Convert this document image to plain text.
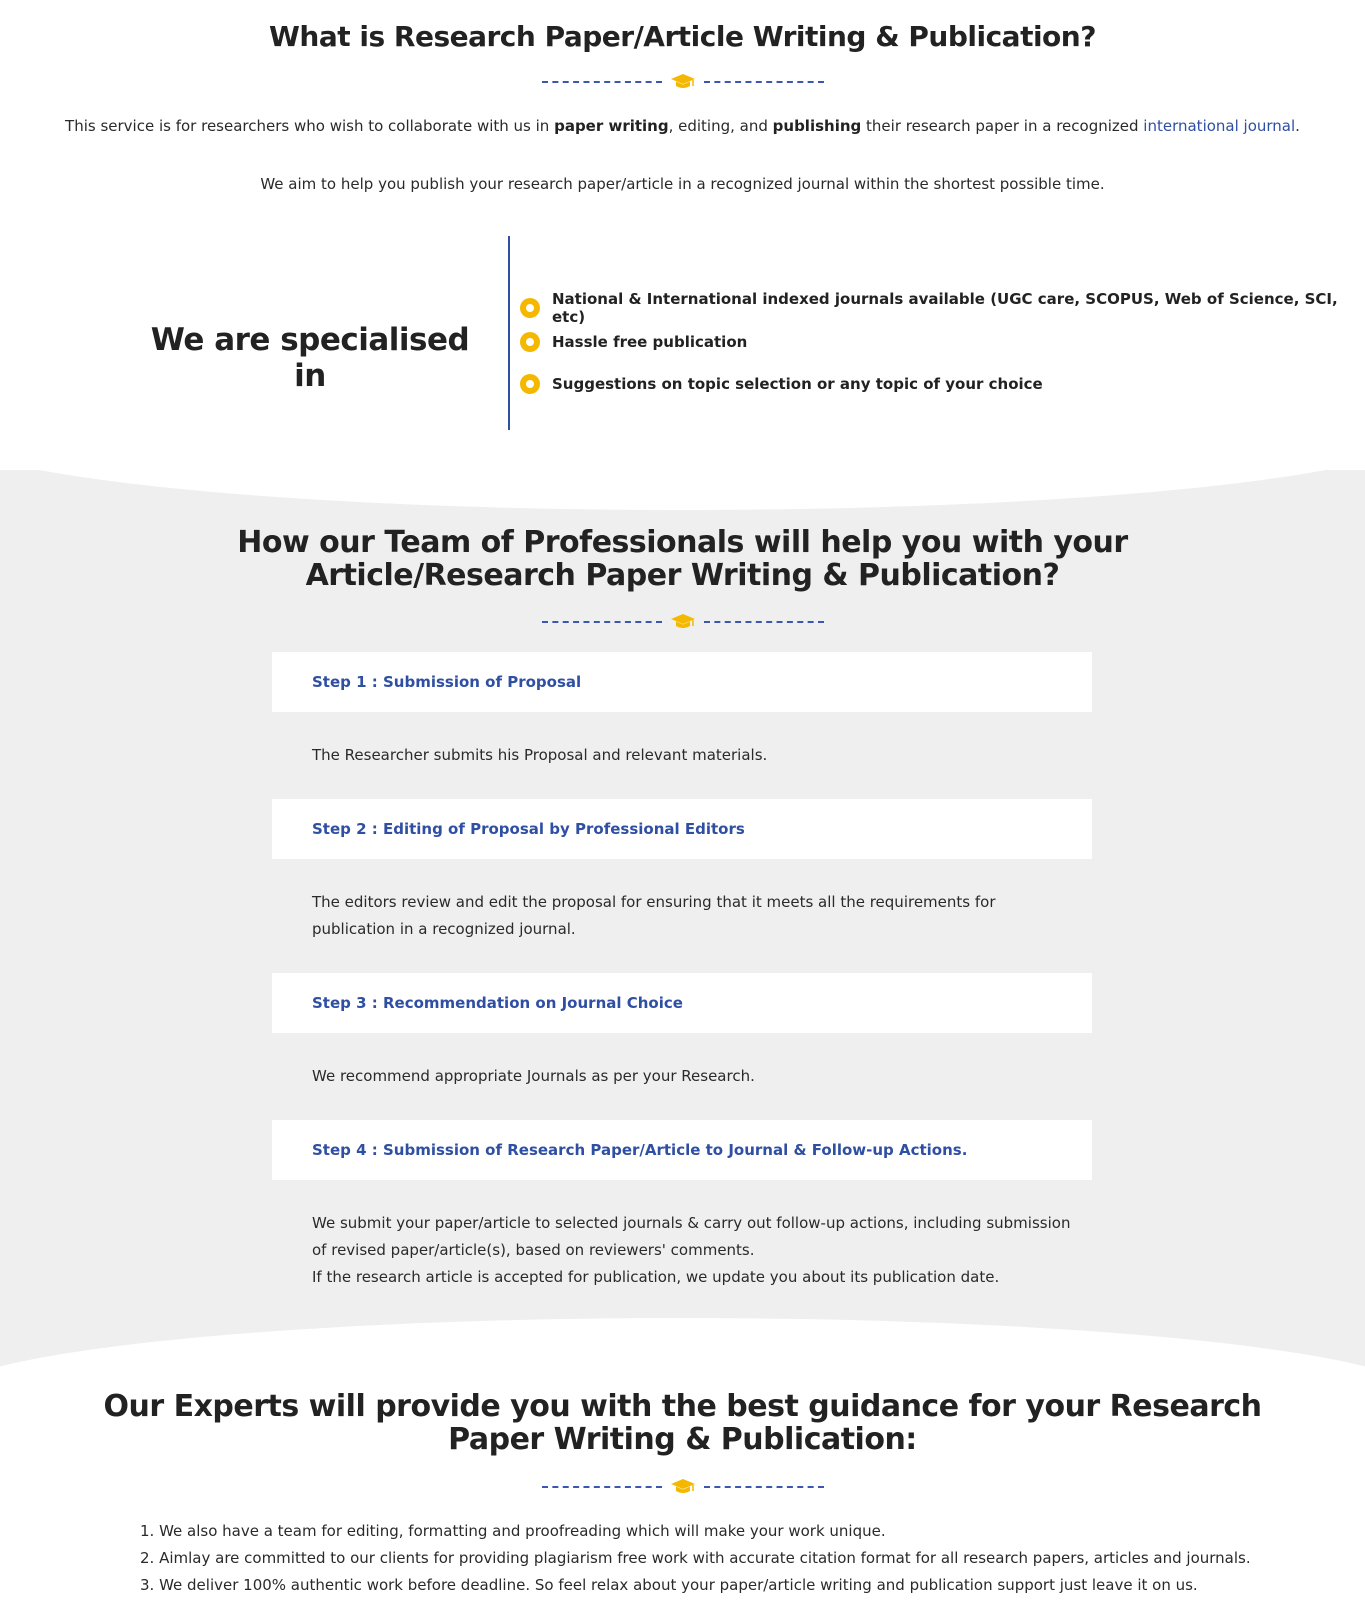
What is Research Paper/Article Writing & Publication?

This service is for researchers who wish to collaborate with us in paper writing, editing, and publishing their research paper in a recognized international journal.

We aim to help you publish your research paper/article in a recognized journal within the shortest possible time.

We are specialised in
National & International indexed journals available (UGC care, SCOPUS, Web of Science, SCI, etc)
Hassle free publication
Suggestions on topic selection or any topic of your choice
How our Team of Professionals will help you with your Article/Research Paper Writing & Publication?
Step 1 : Submission of Proposal

The Researcher submits his Proposal and relevant materials.

Step 2 : Editing of Proposal by Professional Editors

The editors review and edit the proposal for ensuring that it meets all the requirements for publication in a recognized journal.

Step 3 : Recommendation on Journal Choice

We recommend appropriate Journals as per your Research.

Step 4 : Submission of Research Paper/Article to Journal & Follow-up Actions.

We submit your paper/article to selected journals & carry out follow-up actions, including submission of revised paper/article(s), based on reviewers' comments.

If the research article is accepted for publication, we update you about its publication date.

Our Experts will provide you with the best guidance for your Research Paper Writing & Publication:
1. We also have a team for editing, formatting and proofreading which will make your work unique.
2. Aimlay are committed to our clients for providing plagiarism free work with accurate citation format for all research papers, articles and journals.
3. We deliver 100% authentic work before deadline. So feel relax about your paper/article writing and publication support just leave it on us.
